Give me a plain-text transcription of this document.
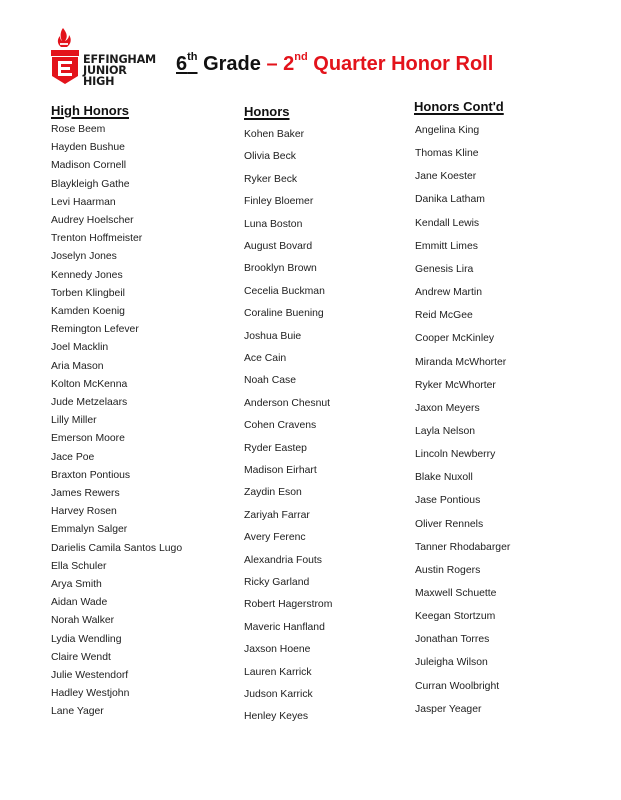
EFFINGHAM
JUNIOR
HIGH
6th Grade – 2nd Quarter Honor Roll
High Honors	Honors	Honors Cont'd
Rose Beem
Hayden Bushue
Madison Cornell
Blaykleigh Gathe
Levi Haarman
Audrey Hoelscher
Trenton Hoffmeister
Joselyn Jones
Kennedy Jones
Torben Klingbeil
Kamden Koenig
Remington Lefever
Joel Macklin
Aria Mason
Kolton McKenna
Jude Metzelaars
Lilly Miller
Emerson Moore
Jace Poe
Braxton Pontious
James Rewers
Harvey Rosen
Emmalyn Salger
Darielis Camila Santos Lugo
Ella Schuler
Arya Smith
Aidan Wade
Norah Walker
Lydia Wendling
Claire Wendt
Julie Westendorf
Hadley Westjohn
Lane Yager
Kohen Baker
Olivia Beck
Ryker Beck
Finley Bloemer
Luna Boston
August Bovard
Brooklyn Brown
Cecelia Buckman
Coraline Buening
Joshua Buie
Ace Cain
Noah Case
Anderson Chesnut
Cohen Cravens
Ryder Eastep
Madison Eirhart
Zaydin Eson
Zariyah Farrar
Avery Ferenc
Alexandria Fouts
Ricky Garland
Robert Hagerstrom
Maveric Hanfland
Jaxson Hoene
Lauren Karrick
Judson Karrick
Henley Keyes
Angelina King
Thomas Kline
Jane Koester
Danika Latham
Kendall Lewis
Emmitt Limes
Genesis Lira
Andrew Martin
Reid McGee
Cooper McKinley
Miranda McWhorter
Ryker McWhorter
Jaxon Meyers
Layla Nelson
Lincoln Newberry
Blake Nuxoll
Jase Pontious
Oliver Rennels
Tanner Rhodabarger
Austin Rogers
Maxwell Schuette
Keegan Stortzum
Jonathan Torres
Juleigha Wilson
Curran Woolbright
Jasper Yeager
